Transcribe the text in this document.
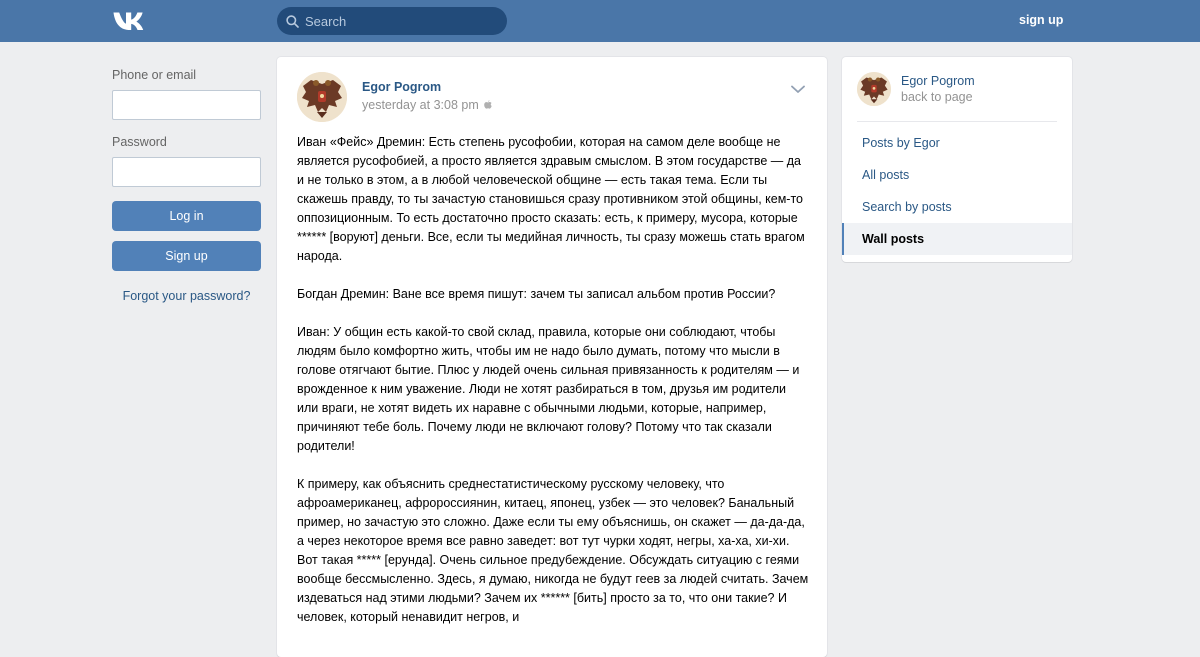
Search
sign up
Phone or email
Password
Log in
Sign up
Forgot your password?
Egor Pogrom
yesterday at 3:08 pm

Иван «Фейс» Дремин: Есть степень русофобии, которая на самом деле вообще не является русофобией, а просто является здравым смыслом. В этом государстве — да и не только в этом, а в любой человеческой общине — есть такая тема. Если ты скажешь правду, то ты зачастую становишься сразу противником этой общины, кем-то оппозиционным. То есть достаточно просто сказать: есть, к примеру, мусора, которые ****** [воруют] деньги. Все, если ты медийная личность, ты сразу можешь стать врагом народа.

Богдан Дремин: Ване все время пишут: зачем ты записал альбом против России?

Иван: У общин есть какой-то свой склад, правила, которые они соблюдают, чтобы людям было комфортно жить, чтобы им не надо было думать, потому что мысли в голове отягчают бытие. Плюс у людей очень сильная привязанность к родителям — и врожденное к ним уважение. Люди не хотят разбираться в том, друзья им родители или враги, не хотят видеть их наравне с обычными людьми, которые, например, причиняют тебе боль. Почему люди не включают голову? Потому что так сказали родители!

К примеру, как объяснить среднестатистическому русскому человеку, что афроамериканец, афророссиянин, китаец, японец, узбек — это человек? Банальный пример, но зачастую это сложно. Даже если ты ему объяснишь, он скажет — да-да-да, а через некоторое время все равно заведет: вот тут чурки ходят, негры, ха-ха, хи-хи. Вот такая ***** [ерунда]. Очень сильное предубеждение. Обсуждать ситуацию с геями вообще бессмысленно. Здесь, я думаю, никогда не будут геев за людей считать. Зачем издеваться над этими людьми? Зачем их ****** [бить] просто за то, что они такие? И человек, который ненавидит негров, и

Egor Pogrom
back to page
Posts by Egor
All posts
Search by posts
Wall posts
